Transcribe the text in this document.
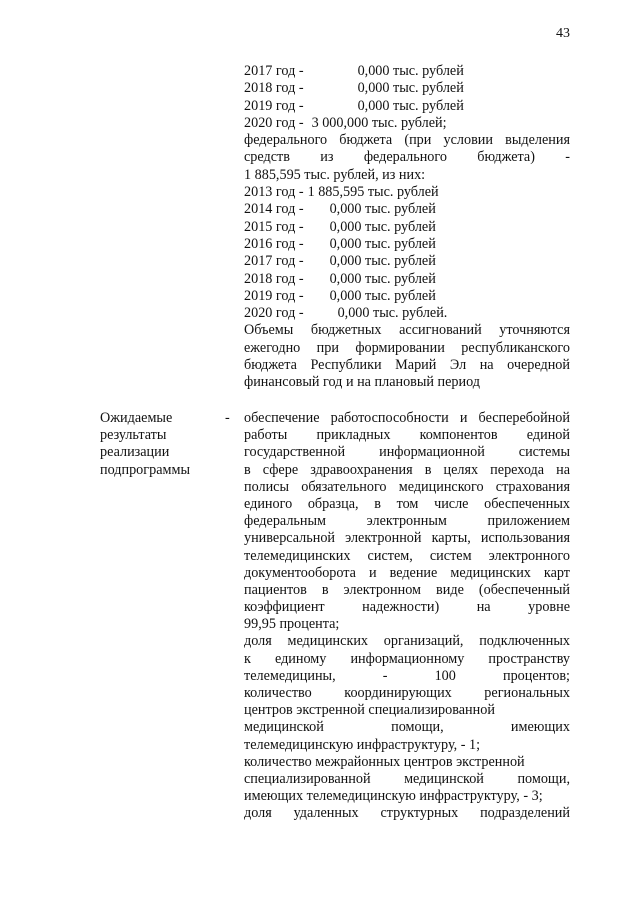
43
2017 год -	0,000 тыс. рублей
2018 год -	0,000 тыс. рублей
2019 год -	0,000 тыс. рублей
2020 год - 3 000,000 тыс. рублей;
федерального бюджета (при условии выделения
средств из федерального бюджета) -
1 885,595 тыс. рублей, из них:
2013 год - 1 885,595 тыс. рублей
2014 год - 0,000 тыс. рублей
2015 год - 0,000 тыс. рублей
2016 год - 0,000 тыс. рублей
2017 год - 0,000 тыс. рублей
2018 год - 0,000 тыс. рублей
2019 год - 0,000 тыс. рублей
2020 год - 0,000 тыс. рублей.
Объемы бюджетных ассигнований уточняются
ежегодно при формировании республиканского
бюджета Республики Марий Эл на очередной
финансовый год и на плановый период
Ожидаемые
результаты
реализации
подпрограммы
- обеспечение работоспособности и бесперебойной
работы прикладных компонентов единой
государственной информационной системы
в сфере здравоохранения в целях перехода на
полисы обязательного медицинского страхования
единого образца, в том числе обеспеченных
федеральным электронным приложением
универсальной электронной карты, использования
телемедицинских систем, систем электронного
документооборота и ведение медицинских карт
пациентов в электронном виде (обеспеченный
коэффициент надежности) на уровне
99,95 процента;
доля медицинских организаций, подключенных
к единому информационному пространству
телемедицины, - 100 процентов;
количество координирующих региональных
центров экстренной специализированной
медицинской помощи, имеющих
телемедицинскую инфраструктуру, - 1;
количество межрайонных центров экстренной
специализированной медицинской помощи,
имеющих телемедицинскую инфраструктуру, - 3;
доля удаленных структурных подразделений
